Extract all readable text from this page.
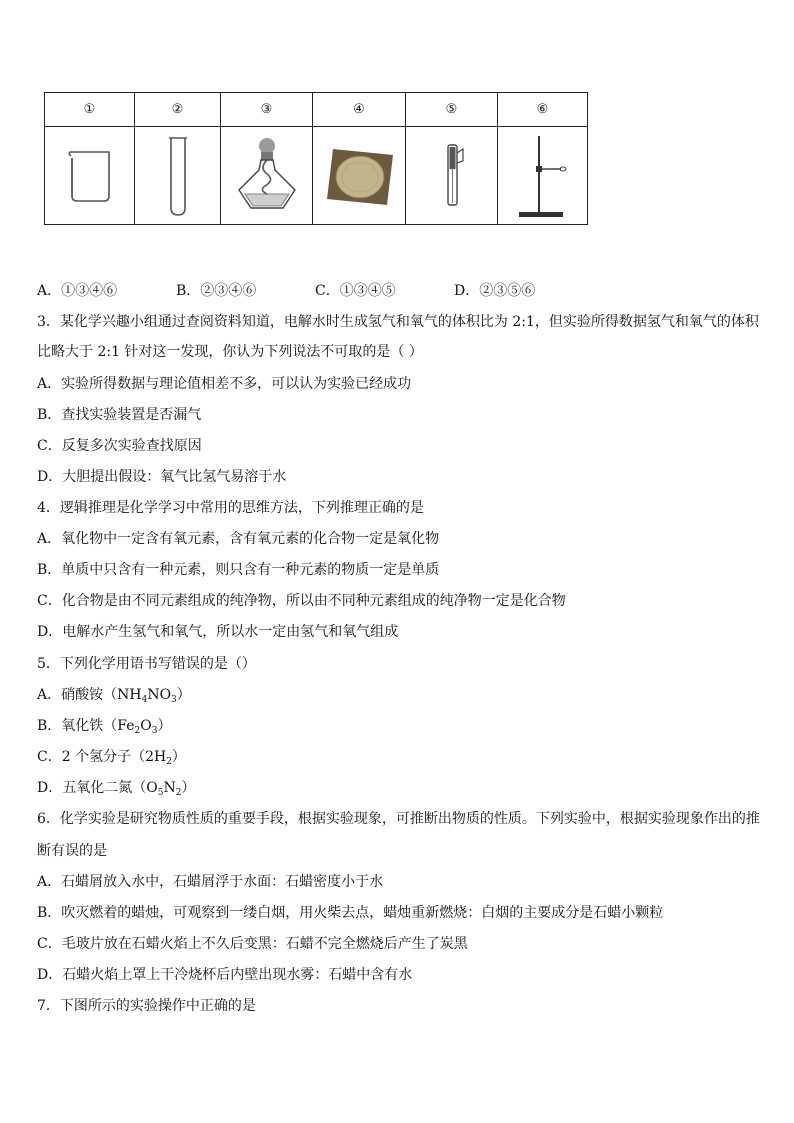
①	②	③	④	⑤	⑥

A．①③④⑥	B．②③④⑥	C．①③④⑤	D．②③⑤⑥
3．某化学兴趣小组通过查阅资料知道，电解水时生成氢气和氧气的体积比为 2:1，但实验所得数据氢气和氧气的体积
比略大于 2:1 针对这一发现，你认为下列说法不可取的是（ ）
A．实验所得数据与理论值相差不多，可以认为实验已经成功
B．查找实验装置是否漏气
C．反复多次实验查找原因
D．大胆提出假设：氧气比氢气易溶于水
4．逻辑推理是化学学习中常用的思维方法，下列推理正确的是
A．氧化物中一定含有氧元素，含有氧元素的化合物一定是氧化物
B．单质中只含有一种元素，则只含有一种元素的物质一定是单质
C．化合物是由不同元素组成的纯净物，所以由不同种元素组成的纯净物一定是化合物
D．电解水产生氢气和氧气，所以水一定由氢气和氧气组成
5．下列化学用语书写错误的是（）
A．硝酸铵$(NH_4NO_3)$
B．氧化铁$(Fe_2O_3)$
C．2 个氢分子$(2H_2)$
D．五氧化二氮$(O_5N_2)$
6．化学实验是研究物质性质的重要手段，根据实验现象，可推断出物质的性质。下列实验中，根据实验现象作出的推
断有误的是
A．石蜡屑放入水中，石蜡屑浮于水面：石蜡密度小于水
B．吹灭燃着的蜡烛，可观察到一缕白烟，用火柴去点，蜡烛重新燃烧：白烟的主要成分是石蜡小颗粒
C．毛玻片放在石蜡火焰上不久后变黑：石蜡不完全燃烧后产生了炭黑
D．石蜡火焰上罩上干冷烧杯后内壁出现水雾：石蜡中含有水
7．下图所示的实验操作中正确的是
